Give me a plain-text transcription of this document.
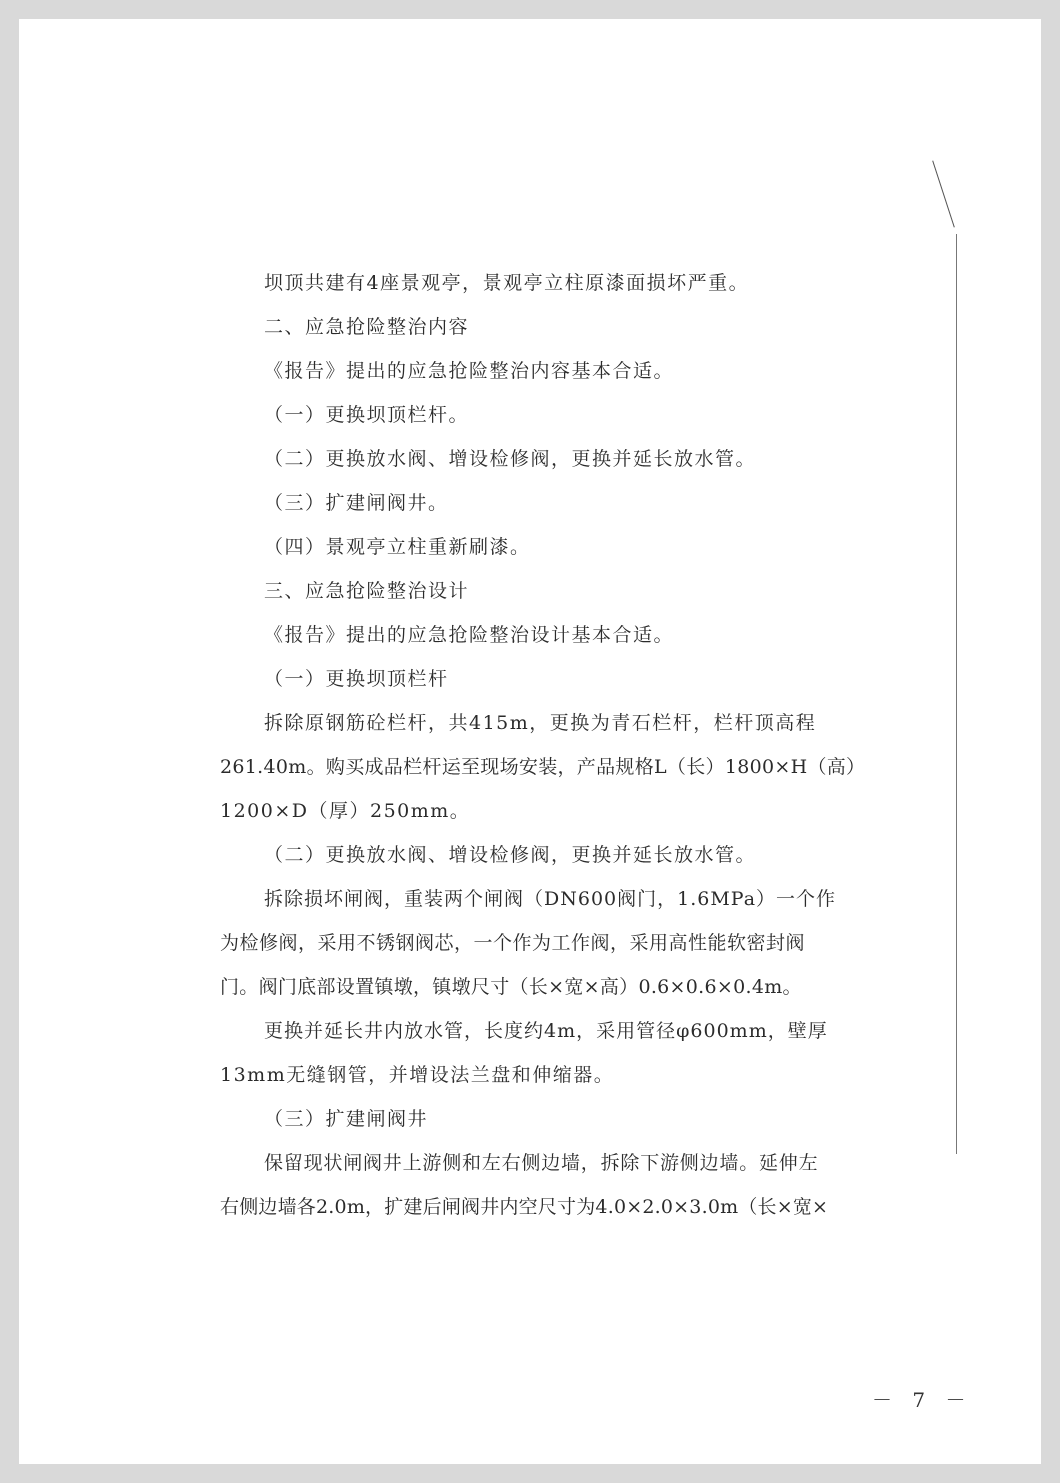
坝顶共建有4座景观亭，景观亭立柱原漆面损坏严重。
二、应急抢险整治内容
《报告》提出的应急抢险整治内容基本合适。
（一）更换坝顶栏杆。
（二）更换放水阀、增设检修阀，更换并延长放水管。
（三）扩建闸阀井。
（四）景观亭立柱重新刷漆。
三、应急抢险整治设计
《报告》提出的应急抢险整治设计基本合适。
（一）更换坝顶栏杆
拆除原钢筋砼栏杆，共415m，更换为青石栏杆，栏杆顶高程
261.40m。购买成品栏杆运至现场安装，产品规格L（长）1800×H（高）
1200×D（厚）250mm。
（二）更换放水阀、增设检修阀，更换并延长放水管。
拆除损坏闸阀，重装两个闸阀（DN600阀门，1.6MPa）一个作
为检修阀，采用不锈钢阀芯，一个作为工作阀，采用高性能软密封阀
门。阀门底部设置镇墩，镇墩尺寸（长×宽×高）0.6×0.6×0.4m。
更换并延长井内放水管，长度约4m，采用管径φ600mm，壁厚
13mm无缝钢管，并增设法兰盘和伸缩器。
（三）扩建闸阀井
保留现状闸阀井上游侧和左右侧边墙，拆除下游侧边墙。延伸左
右侧边墙各2.0m，扩建后闸阀井内空尺寸为4.0×2.0×3.0m（长×宽×
－ 7 －
